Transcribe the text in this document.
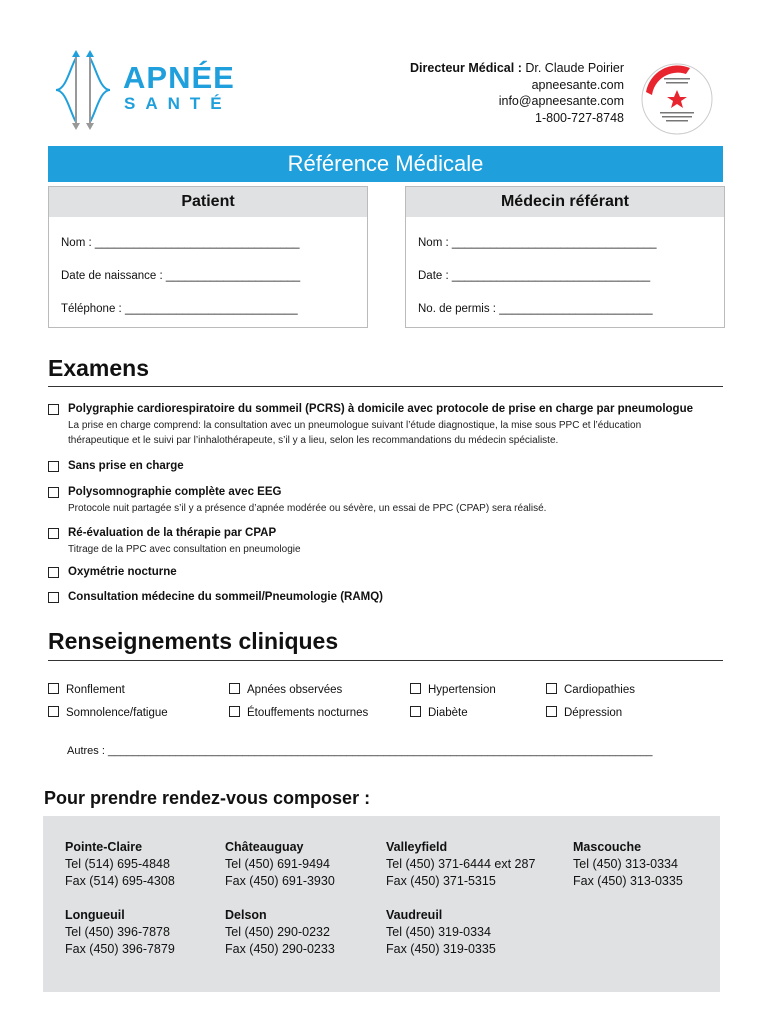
APNÉE
SANTÉ
Directeur Médical : Dr. Claude Poirier
apneesante.com
info@apneesante.com
1-800-727-8748
Référence Médicale
Patient
Nom : ________________________________
Date de naissance : _____________________
Téléphone : ___________________________
Médecin référant
Nom : ________________________________
Date : _______________________________
No. de permis : ________________________
Examens
Polygraphie cardiorespiratoire du sommeil (PCRS) à domicile avec protocole de prise en charge par pneumologue
La prise en charge comprend: la consultation avec un pneumologue suivant l’étude diagnostique, la mise sous PPC et l’éducation
thérapeutique et le suivi par l’inhalothérapeute, s’il y a lieu, selon les recommandations du médecin spécialiste.
Sans prise en charge
Polysomnographie complète avec EEG
Protocole nuit partagée s’il y a présence d’apnée modérée ou sévère, un essai de PPC (CPAP) sera réalisé.
Ré-évaluation de la thérapie par CPAP
Titrage de la PPC avec consultation en pneumologie
Oxymétrie nocturne
Consultation médecine du sommeil/Pneumologie (RAMQ)
Renseignements cliniques
Ronflement	Apnées observées	Hypertension	Cardiopathies
Somnolence/fatigue	Étouffements nocturnes	Diabète	Dépression
Autres : _________________________________________________________________________________________
Pour prendre rendez-vous composer :
Pointe-Claire
Tel (514) 695-4848
Fax (514) 695-4308
Châteauguay
Tel (450) 691-9494
Fax (450) 691-3930
Valleyfield
Tel (450) 371-6444 ext 287
Fax (450) 371-5315
Mascouche
Tel (450) 313-0334
Fax (450) 313-0335
Longueuil
Tel (450) 396-7878
Fax (450) 396-7879
Delson
Tel (450) 290-0232
Fax (450) 290-0233
Vaudreuil
Tel (450) 319-0334
Fax (450) 319-0335
